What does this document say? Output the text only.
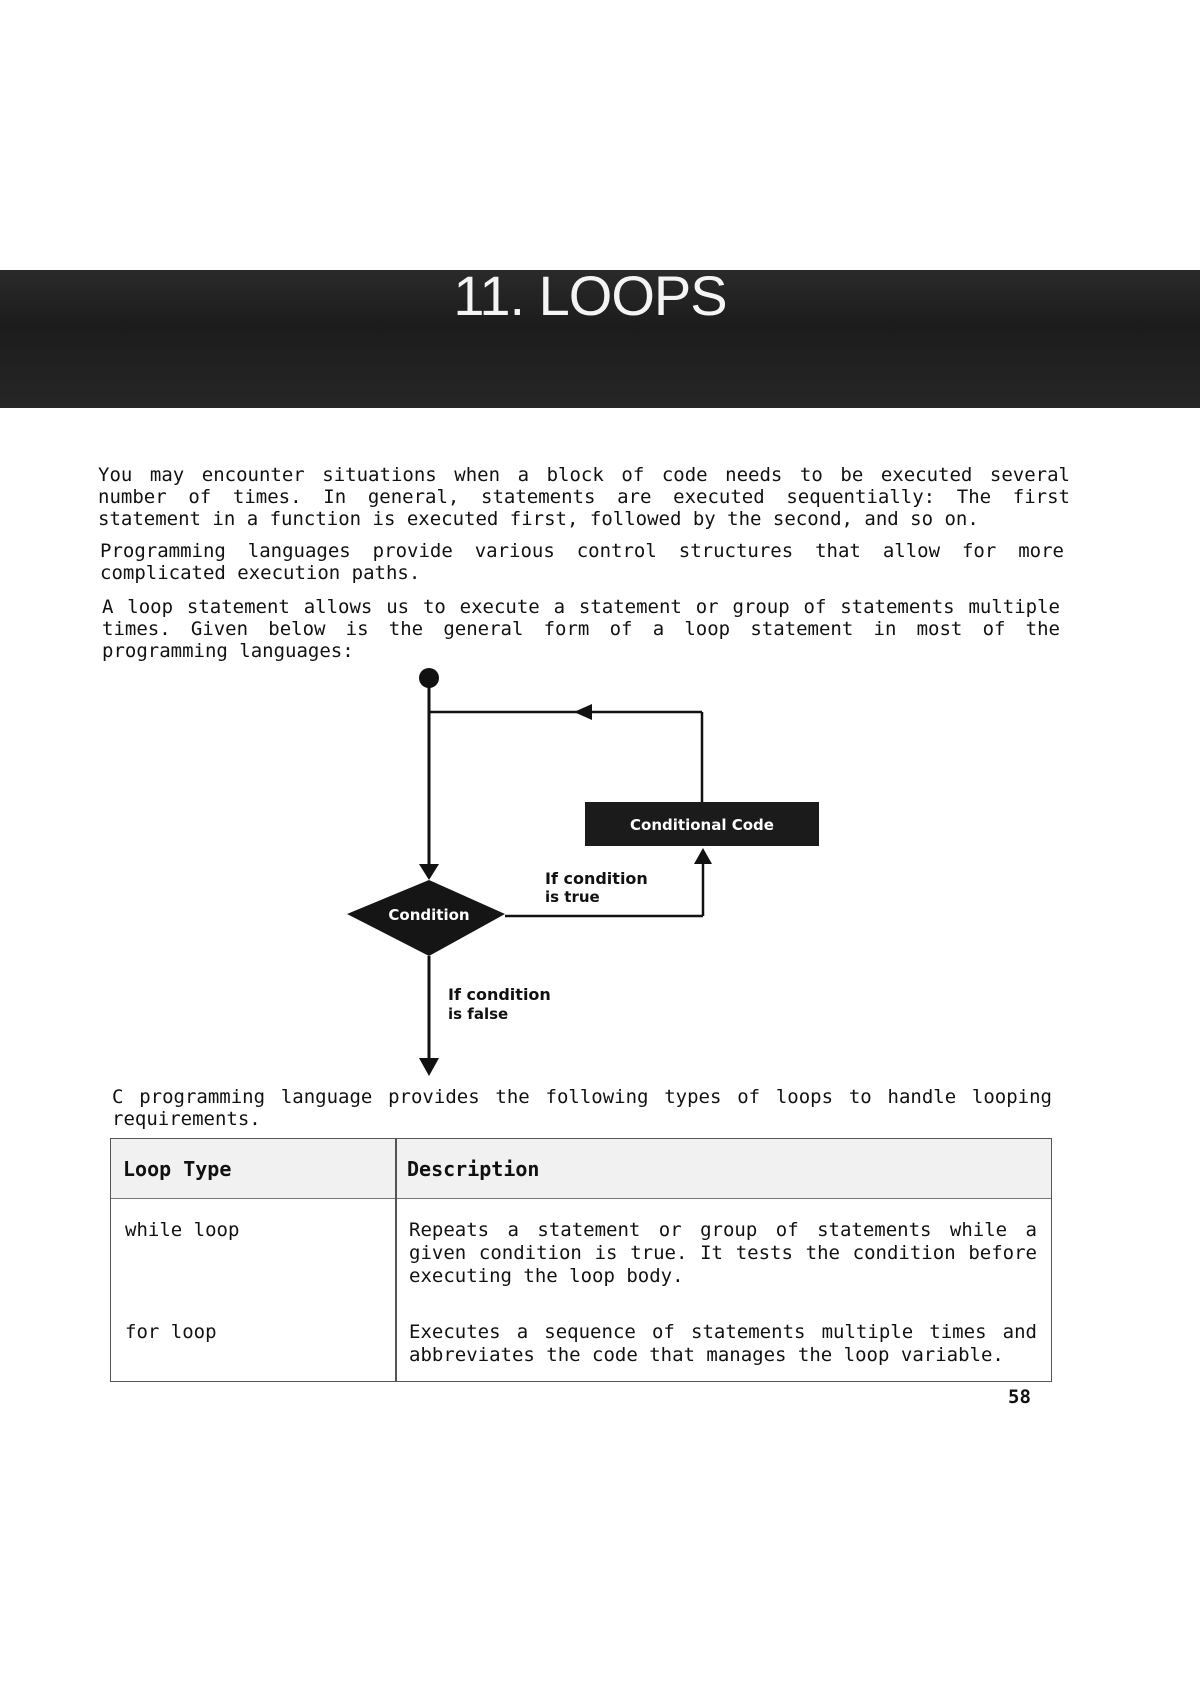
11. LOOPS

You may encounter situations when a block of code needs to be executed several number of times. In general, statements are executed sequentially: The first statement in a function is executed first, followed by the second, and so on.

Programming languages provide various control structures that allow for more complicated execution paths.

A loop statement allows us to execute a statement or group of statements multiple times. Given below is the general form of a loop statement in most of the programming languages:

Conditional Code
Condition
If condition
is true
If condition
is false

C programming language provides the following types of loops to handle looping requirements.

Loop Type	Description

while loop	Repeats a statement or group of statements while a given condition is true. It tests the condition before executing the loop body.

for loop	Executes a sequence of statements multiple times and abbreviates the code that manages the loop variable.

58
